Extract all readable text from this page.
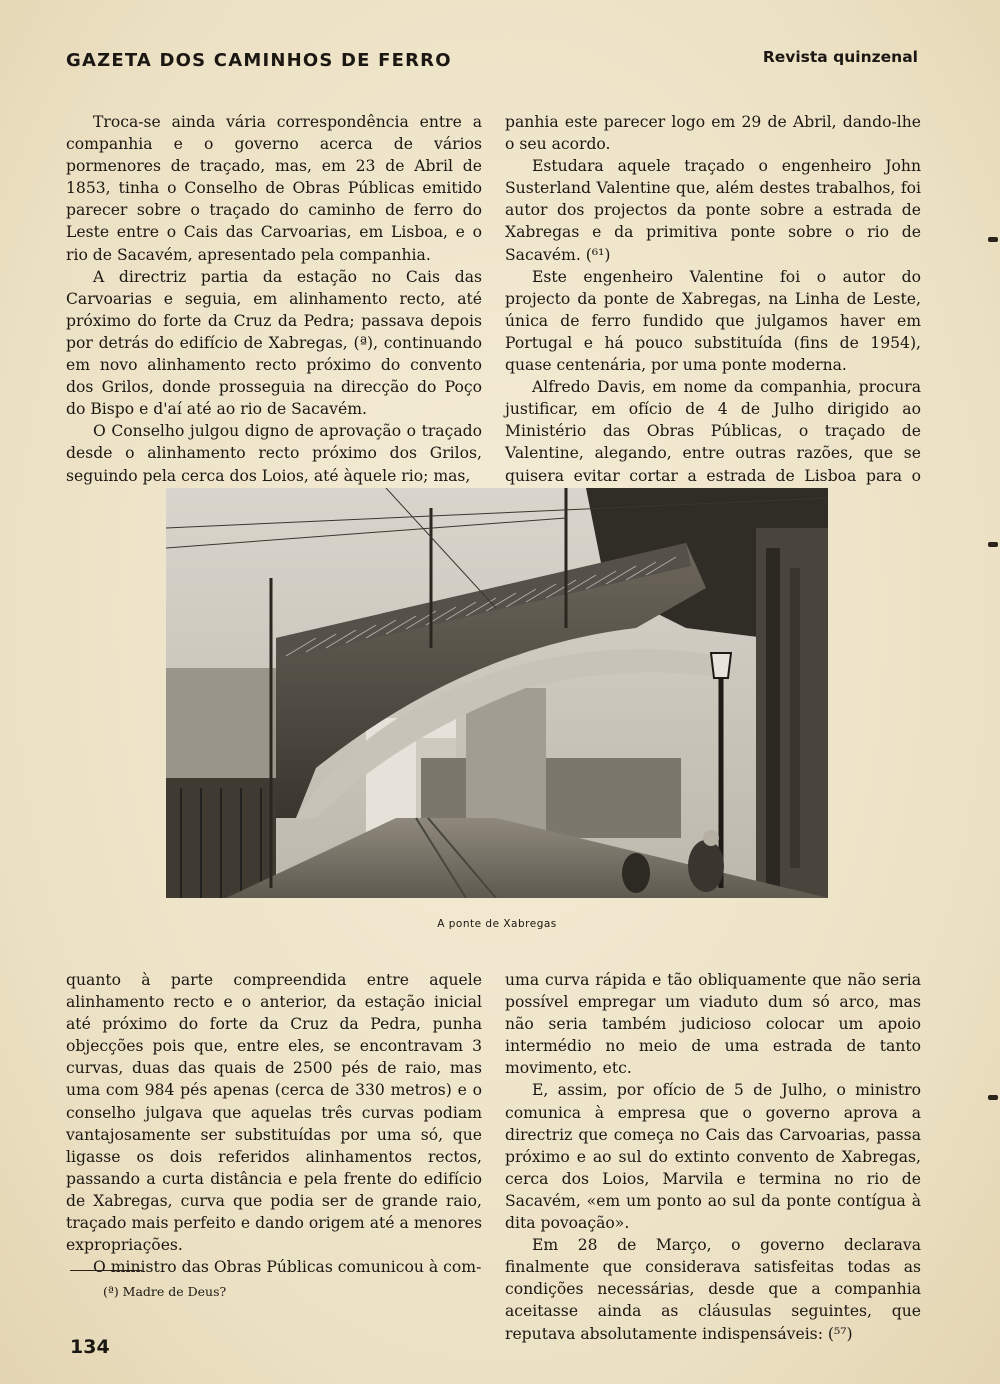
GAZETA DOS CAMINHOS DE FERRO	Revista quinzenal

Troca-se ainda vária correspondência entre a companhia e o governo acerca de vários pormenores de traçado, mas, em 23 de Abril de 1853, tinha o Conselho de Obras Públicas emitido parecer sobre o traçado do caminho de ferro do Leste entre o Cais das Carvoarias, em Lisboa, e o rio de Sacavém, apresentado pela companhia.

A directriz partia da estação no Cais das Carvoarias e seguia, em alinhamento recto, até próximo do forte da Cruz da Pedra; passava depois por detrás do edifício de Xabregas, (ª), continuando em novo alinhamento recto próximo do convento dos Grilos, donde prosseguia na direcção do Poço do Bispo e d'aí até ao rio de Sacavém.

O Conselho julgou digno de aprovação o traçado desde o alinhamento recto próximo dos Grilos, seguindo pela cerca dos Loios, até àquele rio; mas,

panhia este parecer logo em 29 de Abril, dando-lhe o seu acordo.

Estudara aquele traçado o engenheiro John Susterland Valentine que, além destes trabalhos, foi autor dos projectos da ponte sobre a estrada de Xabregas e da primitiva ponte sobre o rio de Sacavém. (⁶¹)

Este engenheiro Valentine foi o autor do projecto da ponte de Xabregas, na Linha de Leste, única de ferro fundido que julgamos haver em Portugal e há pouco substituída (fins de 1954), quase centenária, por uma ponte moderna.

Alfredo Davis, em nome da companhia, procura justificar, em ofício de 4 de Julho dirigido ao Ministério das Obras Públicas, o traçado de Valentine, alegando, entre outras razões, que se quisera evitar cortar a estrada de Lisboa para o

A ponte de Xabregas

quanto à parte compreendida entre aquele alinhamento recto e o anterior, da estação inicial até próximo do forte da Cruz da Pedra, punha objecções pois que, entre eles, se encontravam 3 curvas, duas das quais de 2500 pés de raio, mas uma com 984 pés apenas (cerca de 330 metros) e o conselho julgava que aquelas três curvas podiam vantajosamente ser substituídas por uma só, que ligasse os dois referidos alinhamentos rectos, passando a curta distância e pela frente do edifício de Xabregas, curva que podia ser de grande raio, traçado mais perfeito e dando origem até a menores expropriações.

O ministro das Obras Públicas comunicou à com-

uma curva rápida e tão obliquamente que não seria possível empregar um viaduto dum só arco, mas não seria também judicioso colocar um apoio intermédio no meio de uma estrada de tanto movimento, etc.

E, assim, por ofício de 5 de Julho, o ministro comunica à empresa que o governo aprova a directriz que começa no Cais das Carvoarias, passa próximo e ao sul do extinto convento de Xabregas, cerca dos Loios, Marvila e termina no rio de Sacavém, «em um ponto ao sul da ponte contígua à dita povoação».

Em 28 de Março, o governo declarava finalmente que considerava satisfeitas todas as condições necessárias, desde que a companhia aceitasse ainda as cláusulas seguintes, que reputava absolutamente indispensáveis: (⁵⁷)

(ª) Madre de Deus?
134
